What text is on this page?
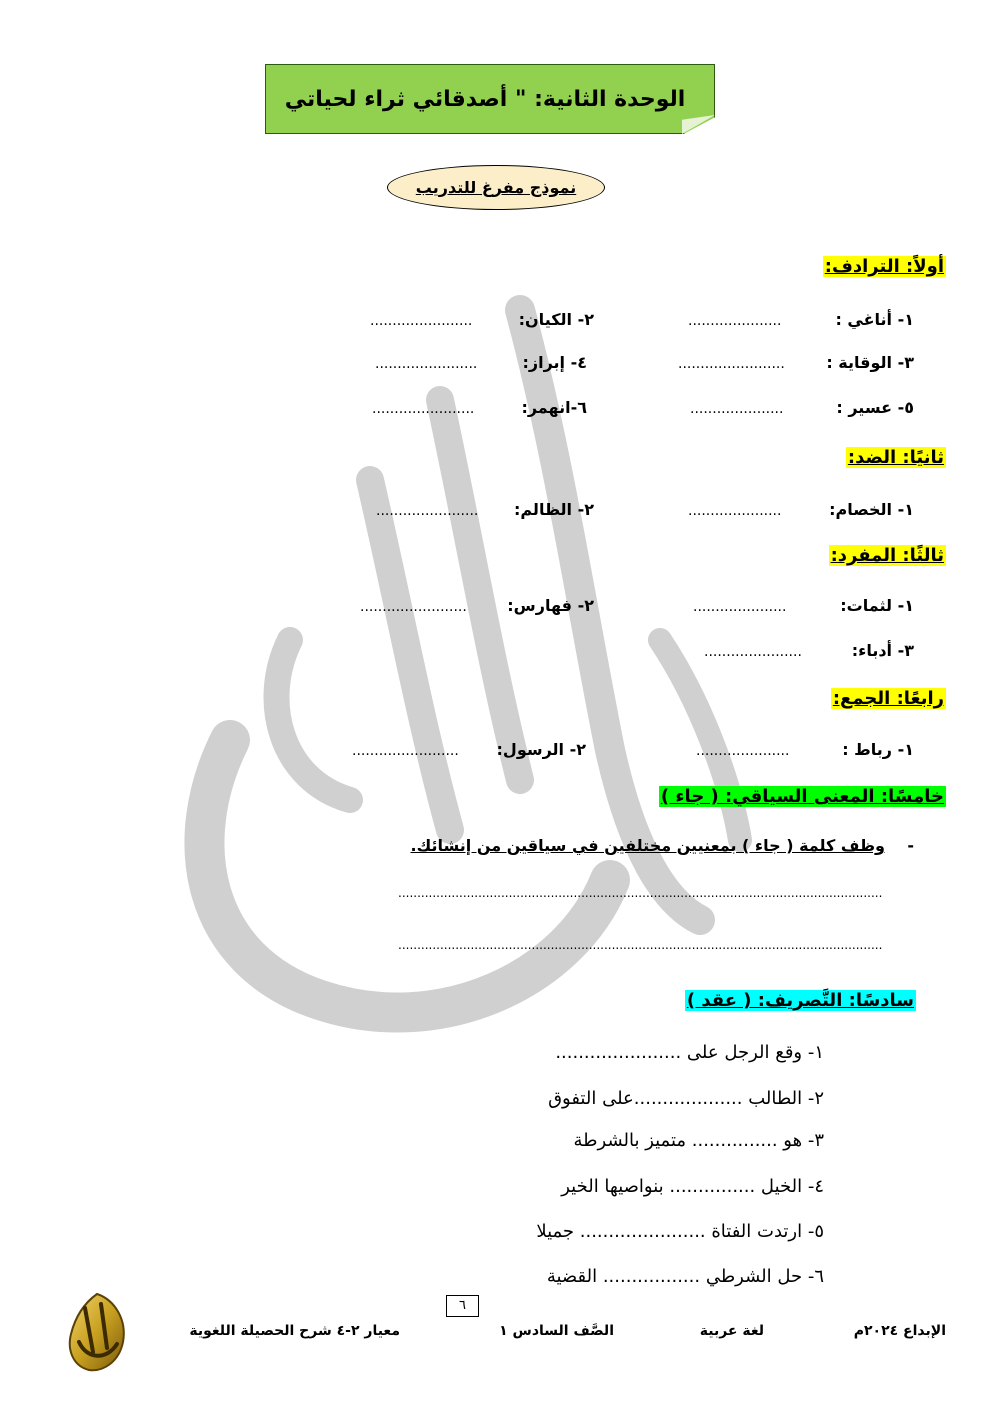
الوحدة الثانية: " أصدقائي ثراء لحياتي
نموذج مفرغ للتدريب
أولاً: الترادف:
١- أناغي :
.....................
٢- الكيان:
.......................
٣- الوقاية :
........................
٤- إبراز:
.......................
٥- عسير :
.....................
٦-انهمر:
.......................
ثانيًا: الضد:
١- الخصام:
.....................
٢- الظالم:
.......................
ثالثًا: المفرد:
١- لثمات:
.....................
٢- فهارس:
........................
٣- أدباء:
......................
رابعًا: الجمع:
١- رباط :
.....................
٢- الرسول:
........................
خامسًا: المعنى السياقي: ( جاء )
-
وظف كلمة ( جاء ) بمعنيين مختلفين في سياقين من إنشائك.
...............................................................................................................................
...............................................................................................................................
سادسًا: التَّصريف: ( عقد )
١- وقع الرجل على ......................
٢- الطالب ...................على التفوق
٣- هو ............... متميز بالشرطة
٤- الخيل ............... بنواصيها الخير
٥- ارتدت الفتاة ...................... جميلا
٦- حل الشرطي ................. القضية
٦
الإبداع ٢٠٢٤م
لغة عربية
الصَّف السادس ١
معيار ٢-٤ شرح الحصيلة اللغوية
